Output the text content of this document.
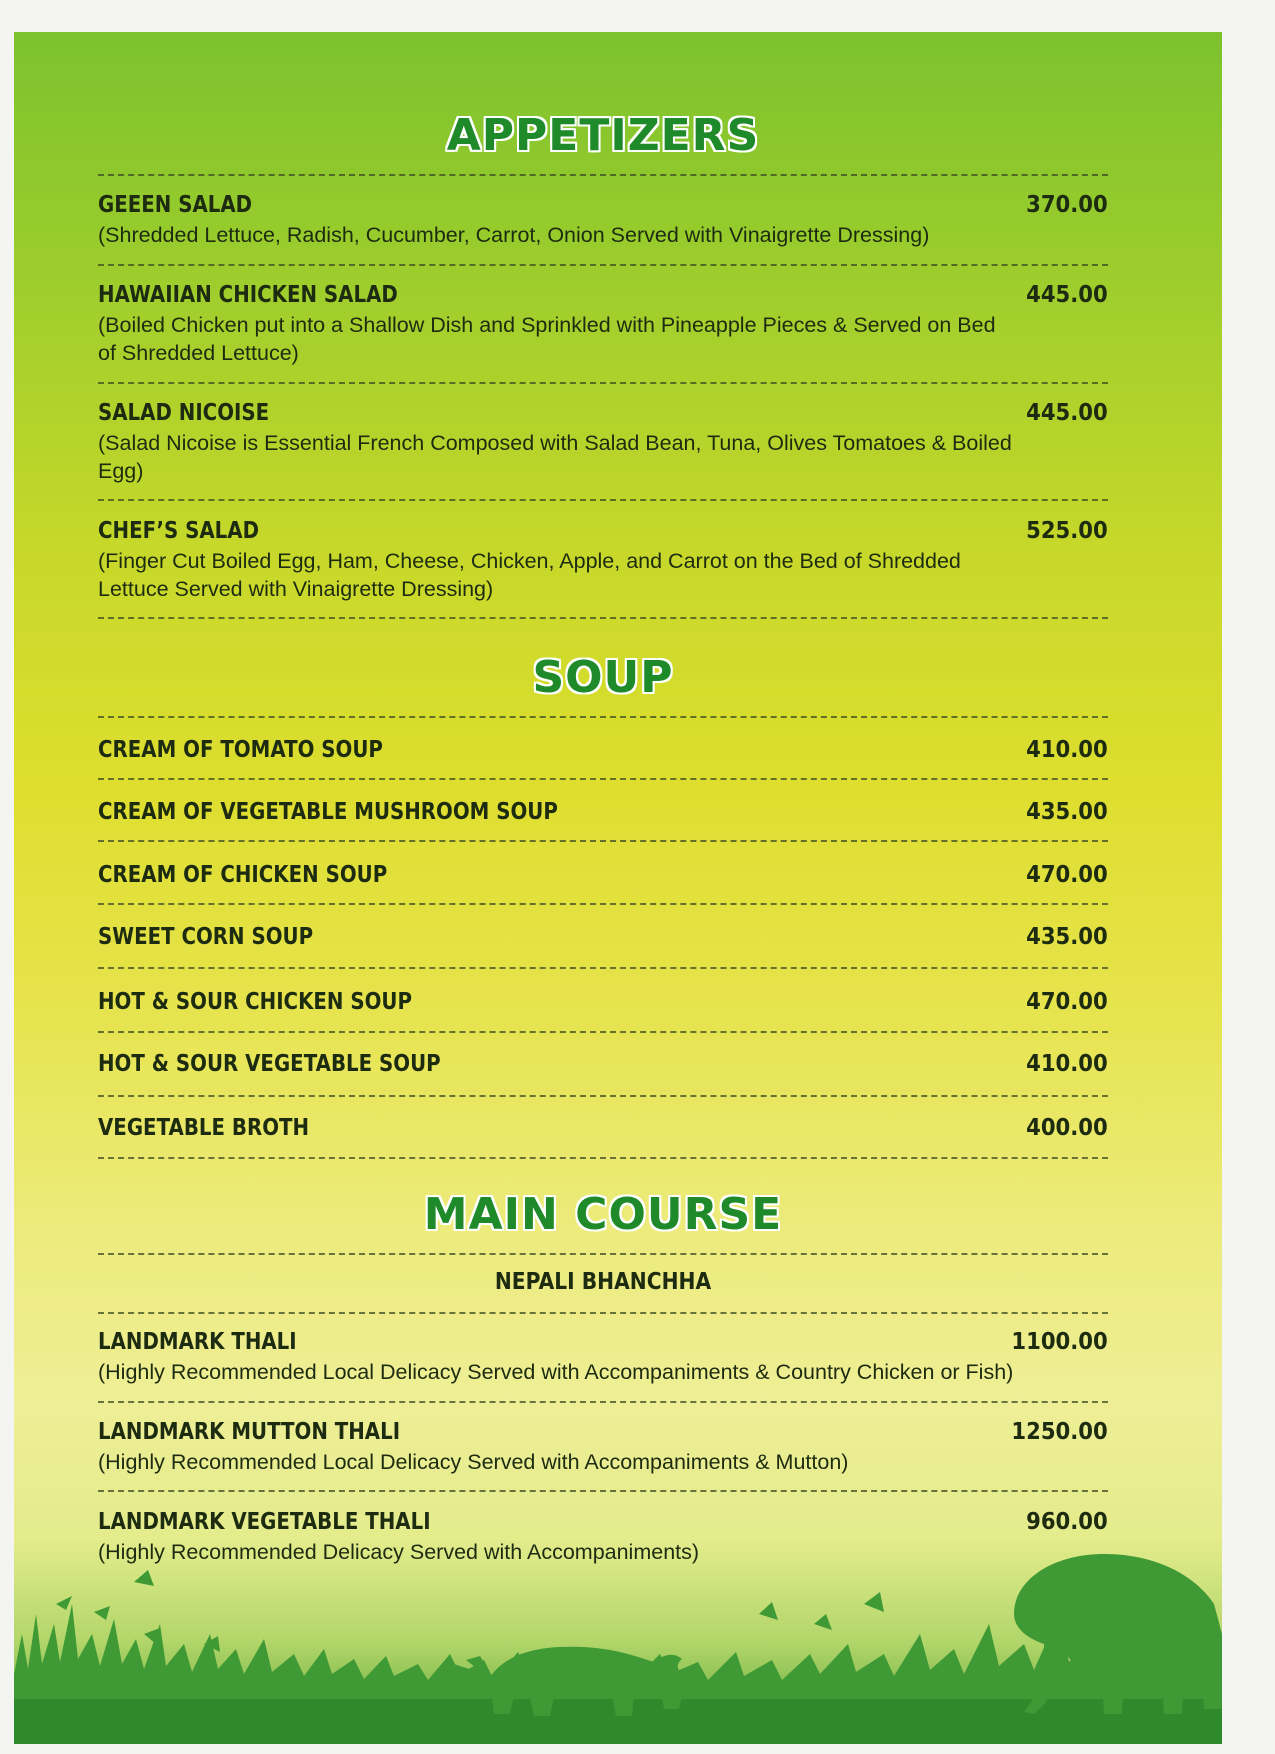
APPETIZERS
GEEEN SALAD	370.00
(Shredded Lettuce, Radish, Cucumber, Carrot, Onion Served with Vinaigrette Dressing)
HAWAIIAN CHICKEN SALAD	445.00
(Boiled Chicken put into a Shallow Dish and Sprinkled with Pineapple Pieces & Served on Bed of Shredded Lettuce)
SALAD NICOISE	445.00
(Salad Nicoise is Essential French Composed with Salad Bean, Tuna, Olives Tomatoes & Boiled Egg)
CHEF’S SALAD	525.00
(Finger Cut Boiled Egg, Ham, Cheese, Chicken, Apple, and Carrot on the Bed of Shredded Lettuce Served with Vinaigrette Dressing)
SOUP
CREAM OF TOMATO SOUP	410.00
CREAM OF VEGETABLE MUSHROOM SOUP	435.00
CREAM OF CHICKEN SOUP	470.00
SWEET CORN SOUP	435.00
HOT & SOUR CHICKEN SOUP	470.00
HOT & SOUR VEGETABLE SOUP	410.00
VEGETABLE BROTH	400.00
MAIN COURSE
NEPALI BHANCHHA
LANDMARK THALI	1100.00
(Highly Recommended Local Delicacy Served with Accompaniments & Country Chicken or Fish)
LANDMARK MUTTON THALI	1250.00
(Highly Recommended Local Delicacy Served with Accompaniments & Mutton)
LANDMARK VEGETABLE THALI	960.00
(Highly Recommended Delicacy Served with Accompaniments)
